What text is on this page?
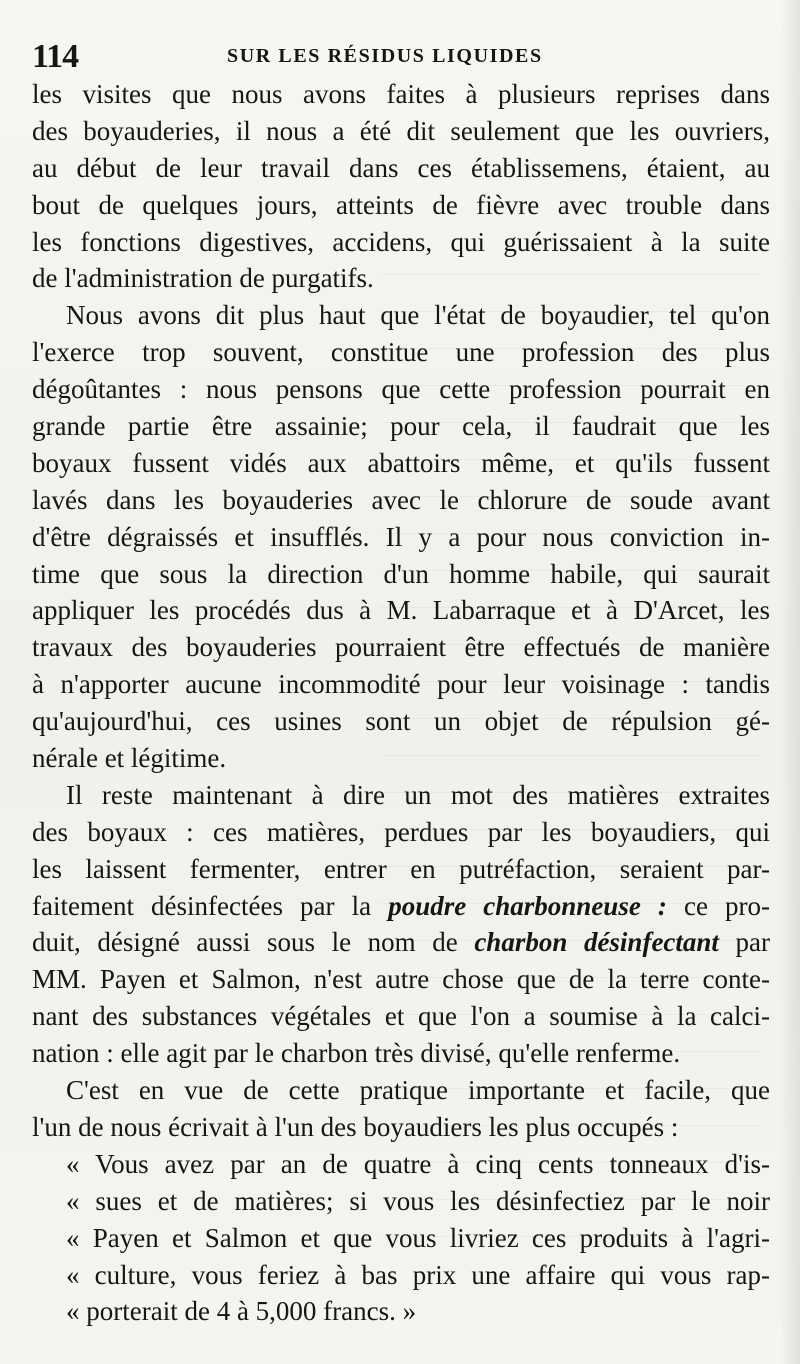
114	SUR LES RÉSIDUS LIQUIDES
les visites que nous avons faites à plusieurs reprises dans
des boyauderies, il nous a été dit seulement que les ouvriers,
au début de leur travail dans ces établissemens, étaient, au
bout de quelques jours, atteints de fièvre avec trouble dans
les fonctions digestives, accidens, qui guérissaient à la suite
de l'administration de purgatifs.
Nous avons dit plus haut que l'état de boyaudier, tel qu'on
l'exerce trop souvent, constitue une profession des plus
dégoûtantes : nous pensons que cette profession pourrait en
grande partie être assainie; pour cela, il faudrait que les
boyaux fussent vidés aux abattoirs même, et qu'ils fussent
lavés dans les boyauderies avec le chlorure de soude avant
d'être dégraissés et insufflés. Il y a pour nous conviction in-
time que sous la direction d'un homme habile, qui saurait
appliquer les procédés dus à M. Labarraque et à D'Arcet, les
travaux des boyauderies pourraient être effectués de manière
à n'apporter aucune incommodité pour leur voisinage : tandis
qu'aujourd'hui, ces usines sont un objet de répulsion gé-
nérale et légitime.
Il reste maintenant à dire un mot des matières extraites
des boyaux : ces matières, perdues par les boyaudiers, qui
les laissent fermenter, entrer en putréfaction, seraient par-
faitement désinfectées par la poudre charbonneuse : ce pro-
duit, désigné aussi sous le nom de charbon désinfectant par
MM. Payen et Salmon, n'est autre chose que de la terre conte-
nant des substances végétales et que l'on a soumise à la calci-
nation : elle agit par le charbon très divisé, qu'elle renferme.
C'est en vue de cette pratique importante et facile, que
l'un de nous écrivait à l'un des boyaudiers les plus occupés :
« Vous avez par an de quatre à cinq cents tonneaux d'is-
« sues et de matières; si vous les désinfectiez par le noir
« Payen et Salmon et que vous livriez ces produits à l'agri-
« culture, vous feriez à bas prix une affaire qui vous rap-
« porterait de 4 à 5,000 francs. »
